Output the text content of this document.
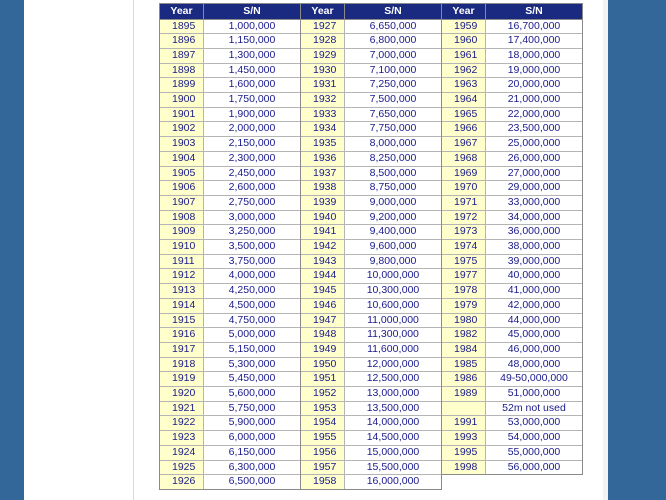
Year	S/N
1895	1,000,000
1896	1,150,000
1897	1,300,000
1898	1,450,000
1899	1,600,000
1900	1,750,000
1901	1,900,000
1902	2,000,000
1903	2,150,000
1904	2,300,000
1905	2,450,000
1906	2,600,000
1907	2,750,000
1908	3,000,000
1909	3,250,000
1910	3,500,000
1911	3,750,000
1912	4,000,000
1913	4,250,000
1914	4,500,000
1915	4,750,000
1916	5,000,000
1917	5,150,000
1918	5,300,000
1919	5,450,000
1920	5,600,000
1921	5,750,000
1922	5,900,000
1923	6,000,000
1924	6,150,000
1925	6,300,000
1926	6,500,000
Year	S/N
1927	6,650,000
1928	6,800,000
1929	7,000,000
1930	7,100,000
1931	7,250,000
1932	7,500,000
1933	7,650,000
1934	7,750,000
1935	8,000,000
1936	8,250,000
1937	8,500,000
1938	8,750,000
1939	9,000,000
1940	9,200,000
1941	9,400,000
1942	9,600,000
1943	9,800,000
1944	10,000,000
1945	10,300,000
1946	10,600,000
1947	11,000,000
1948	11,300,000
1949	11,600,000
1950	12,000,000
1951	12,500,000
1952	13,000,000
1953	13,500,000
1954	14,000,000
1955	14,500,000
1956	15,000,000
1957	15,500,000
1958	16,000,000
Year	S/N
1959	16,700,000
1960	17,400,000
1961	18,000,000
1962	19,000,000
1963	20,000,000
1964	21,000,000
1965	22,000,000
1966	23,500,000
1967	25,000,000
1968	26,000,000
1969	27,000,000
1970	29,000,000
1971	33,000,000
1972	34,000,000
1973	36,000,000
1974	38,000,000
1975	39,000,000
1977	40,000,000
1978	41,000,000
1979	42,000,000
1980	44,000,000
1982	45,000,000
1984	46,000,000
1985	48,000,000
1986	49-50,000,000
1989	51,000,000
	52m not used
1991	53,000,000
1993	54,000,000
1995	55,000,000
1998	56,000,000
